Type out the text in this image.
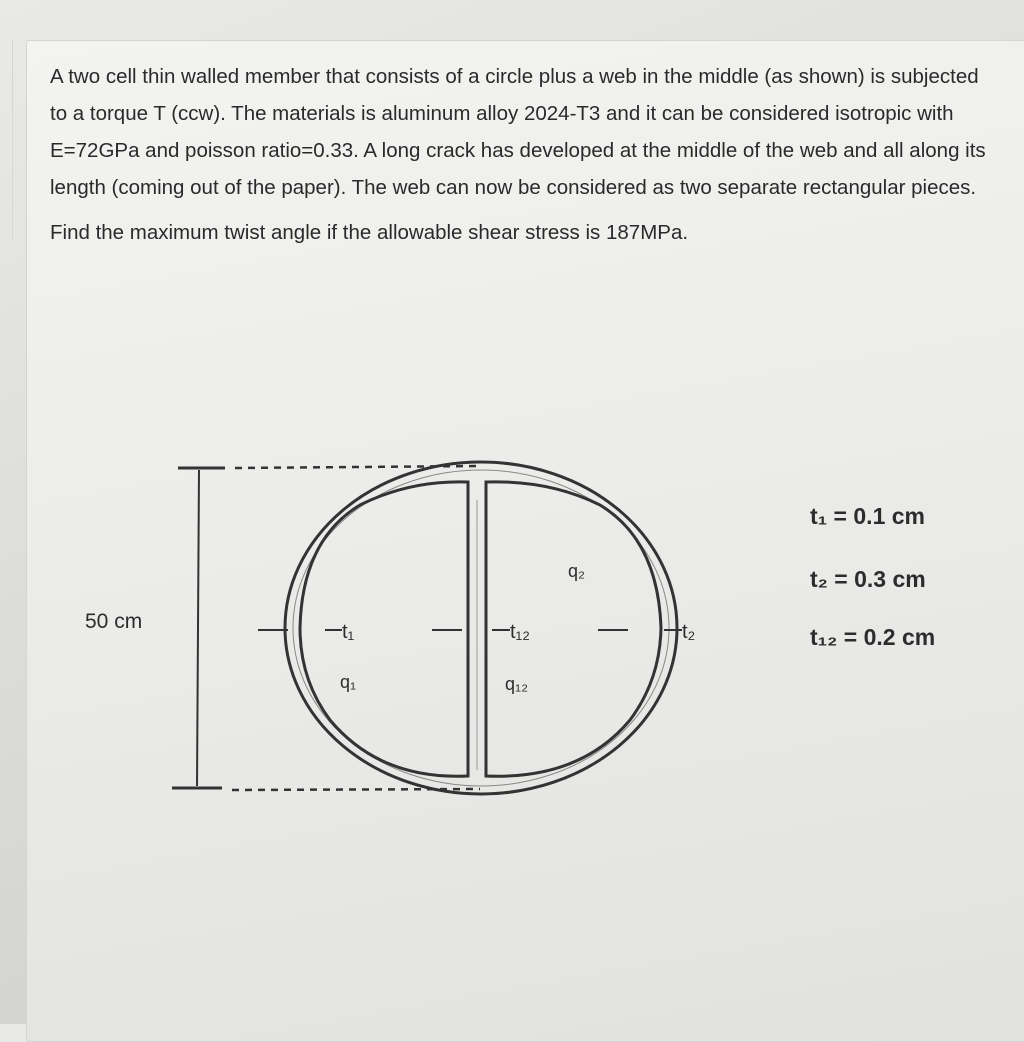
A two cell thin walled member that consists of a circle plus a web in the middle (as shown) is subjected to a torque T (ccw). The materials is aluminum alloy 2024-T3 and it can be considered isotropic with E=72GPa and poisson ratio=0.33. A long crack has developed at the middle of the web and all along its length (coming out of the paper). The web can now be considered as two separate rectangular pieces.

Find the maximum twist angle if the allowable shear stress is 187MPa.

50 cm	t₁	t₁₂	t₂
q₁	q₁₂
q₂
t₁ = 0.1 cm
t₂ = 0.3 cm
t₁₂ = 0.2 cm
